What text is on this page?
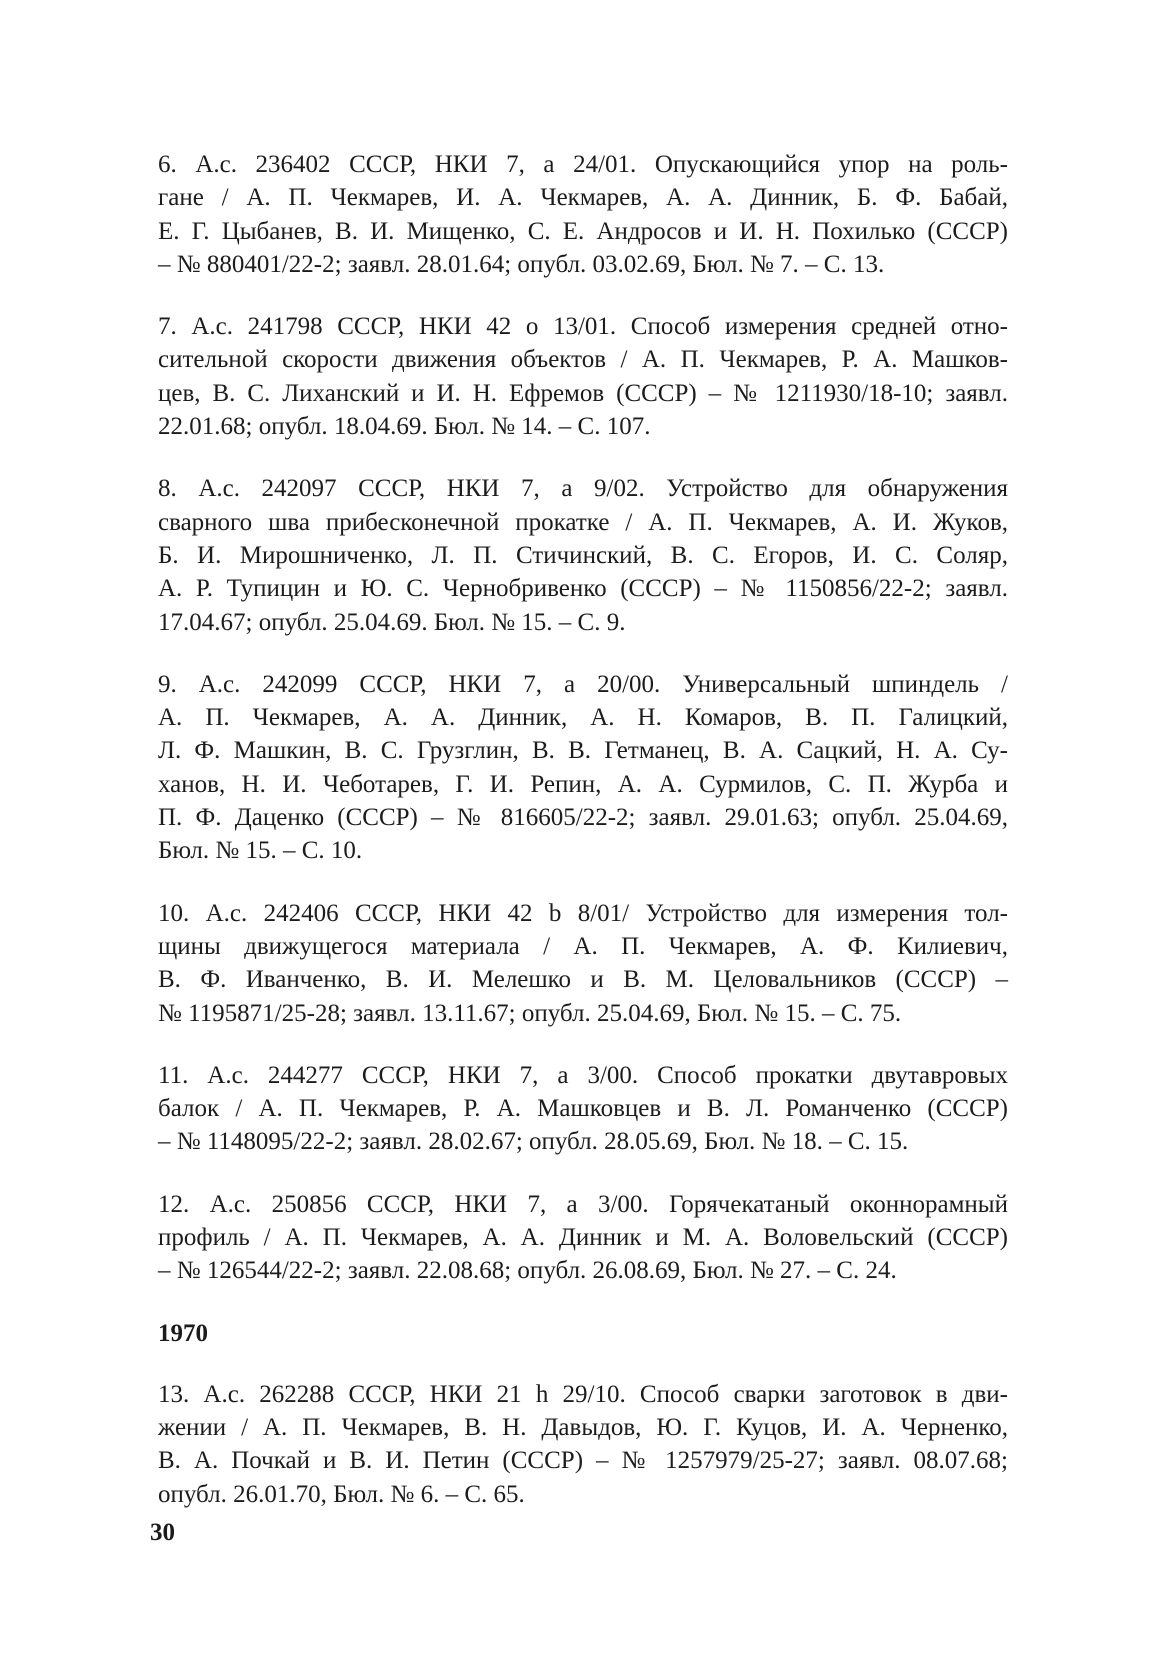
6. А.с. 236402 СССР, НКИ 7, а 24/01. Опускающийся упор на роль-
гане / А. П. Чекмарев, И. А. Чекмарев, А. А. Динник, Б. Ф. Бабай,
Е. Г. Цыбанев, В. И. Мищенко, С. Е. Андросов и И. Н. Похилько (СССР)
– № 880401/22-2; заявл. 28.01.64; опубл. 03.02.69, Бюл. № 7. – С. 13.
7. А.с. 241798 СССР, НКИ 42 о 13/01. Способ измерения средней отно-
сительной скорости движения объектов / А. П. Чекмарев, Р. А. Машков-
цев, В. С. Лиханский и И. Н. Ефремов (СССР) – № 1211930/18-10; заявл.
22.01.68; опубл. 18.04.69. Бюл. № 14. – С. 107.
8. А.с. 242097 СССР, НКИ 7, а 9/02. Устройство для обнаружения
сварного шва прибесконечной прокатке / А. П. Чекмарев, А. И. Жуков,
Б. И. Мирошниченко, Л. П. Стичинский, В. С. Егоров, И. С. Соляр,
А. Р. Тупицин и Ю. С. Чернобривенко (СССР) – № 1150856/22-2; заявл.
17.04.67; опубл. 25.04.69. Бюл. № 15. – С. 9.
9. А.с. 242099 СССР, НКИ 7, а 20/00. Универсальный шпиндель /
А. П. Чекмарев, А. А. Динник, А. Н. Комаров, В. П. Галицкий,
Л. Ф. Машкин, В. С. Грузглин, В. В. Гетманец, В. А. Сацкий, Н. А. Су-
ханов, Н. И. Чеботарев, Г. И. Репин, А. А. Сурмилов, С. П. Журба и
П. Ф. Даценко (СССР) – № 816605/22-2; заявл. 29.01.63; опубл. 25.04.69,
Бюл. № 15. – С. 10.
10. А.с. 242406 СССР, НКИ 42 b 8/01/ Устройство для измерения тол-
щины движущегося материала / А. П. Чекмарев, А. Ф. Килиевич,
В. Ф. Иванченко, В. И. Мелешко и В. М. Целовальников (СССР) –
№ 1195871/25-28; заявл. 13.11.67; опубл. 25.04.69, Бюл. № 15. – С. 75.
11. А.с. 244277 СССР, НКИ 7, а 3/00. Способ прокатки двутавровых
балок / А. П. Чекмарев, Р. А. Машковцев и В. Л. Романченко (СССР)
– № 1148095/22-2; заявл. 28.02.67; опубл. 28.05.69, Бюл. № 18. – С. 15.
12. А.с. 250856 СССР, НКИ 7, а 3/00. Горячекатаный оконнорамный
профиль / А. П. Чекмарев, А. А. Динник и М. А. Воловельский (СССР)
– № 126544/22-2; заявл. 22.08.68; опубл. 26.08.69, Бюл. № 27. – С. 24.
1970
13. А.с. 262288 СССР, НКИ 21 h 29/10. Способ сварки заготовок в дви-
жении / А. П. Чекмарев, В. Н. Давыдов, Ю. Г. Куцов, И. А. Черненко,
В. А. Почкай и В. И. Петин (СССР) – № 1257979/25-27; заявл. 08.07.68;
опубл. 26.01.70, Бюл. № 6. – С. 65.
30
